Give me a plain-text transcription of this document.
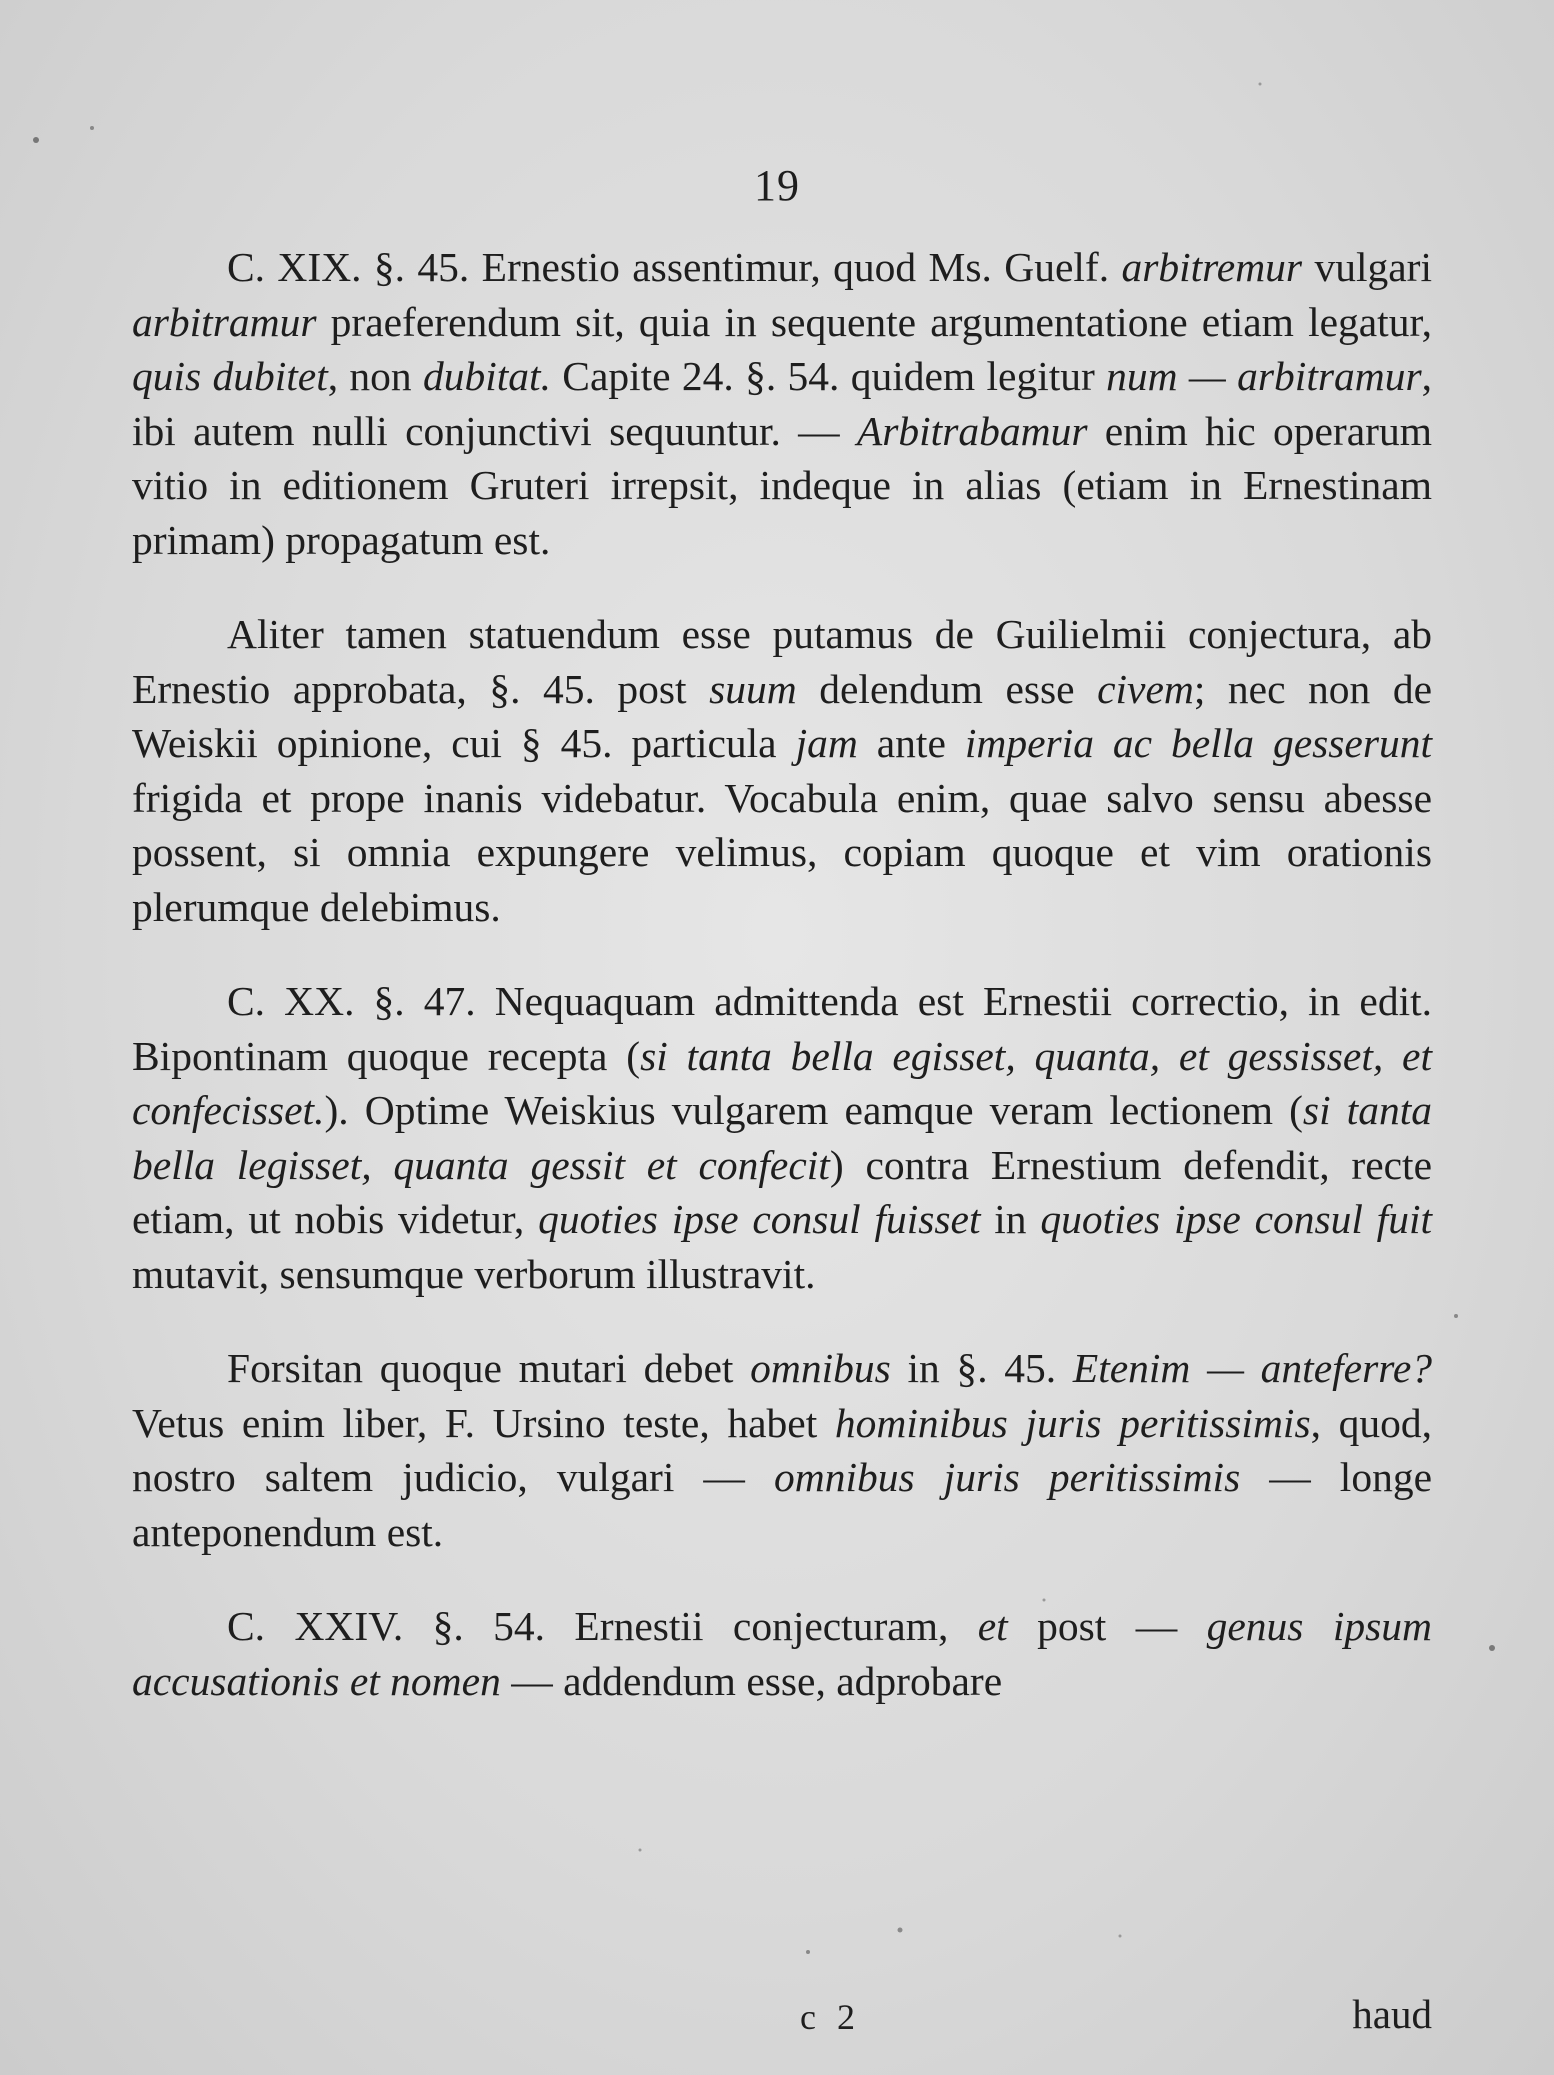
19

C. XIX. §. 45. Ernestio assentimur, quod Ms. Guelf. arbitremur vulgari arbitramur praeferendum sit, quia in sequente argumentatione etiam legatur, quis dubitet, non dubitat. Capite 24. §. 54. quidem legitur num — arbitramur, ibi autem nulli conjunctivi sequuntur. — Arbitrabamur enim hic operarum vitio in editionem Gruteri irrepsit, indeque in alias (etiam in Ernestinam primam) propagatum est.

Aliter tamen statuendum esse putamus de Guilielmii conjectura, ab Ernestio approbata, §. 45. post suum delendum esse civem; nec non de Weiskii opinione, cui § 45. particula jam ante imperia ac bella gesserunt frigida et prope inanis videbatur. Vocabula enim, quae salvo sensu abesse possent, si omnia expungere velimus, copiam quoque et vim orationis plerumque delebimus.

C. XX. §. 47. Nequaquam admittenda est Ernestii correctio, in edit. Bipontinam quoque recepta (si tanta bella egisset, quanta, et gessisset, et confecisset.). Optime Weiskius vulgarem eamque veram lectionem (si tanta bella legisset, quanta gessit et confecit) contra Ernestium defendit, recte etiam, ut nobis videtur, quoties ipse consul fuisset in quoties ipse consul fuit mutavit, sensumque verborum illustravit.

Forsitan quoque mutari debet omnibus in §. 45. Etenim — anteferre? Vetus enim liber, F. Ursino teste, habet hominibus juris peritissimis, quod, nostro saltem judicio, vulgari — omnibus juris peritissimis — longe anteponendum est.

C. XXIV. §. 54. Ernestii conjecturam, et post — genus ipsum accusationis et nomen — addendum esse, adprobare

c 2	haud
